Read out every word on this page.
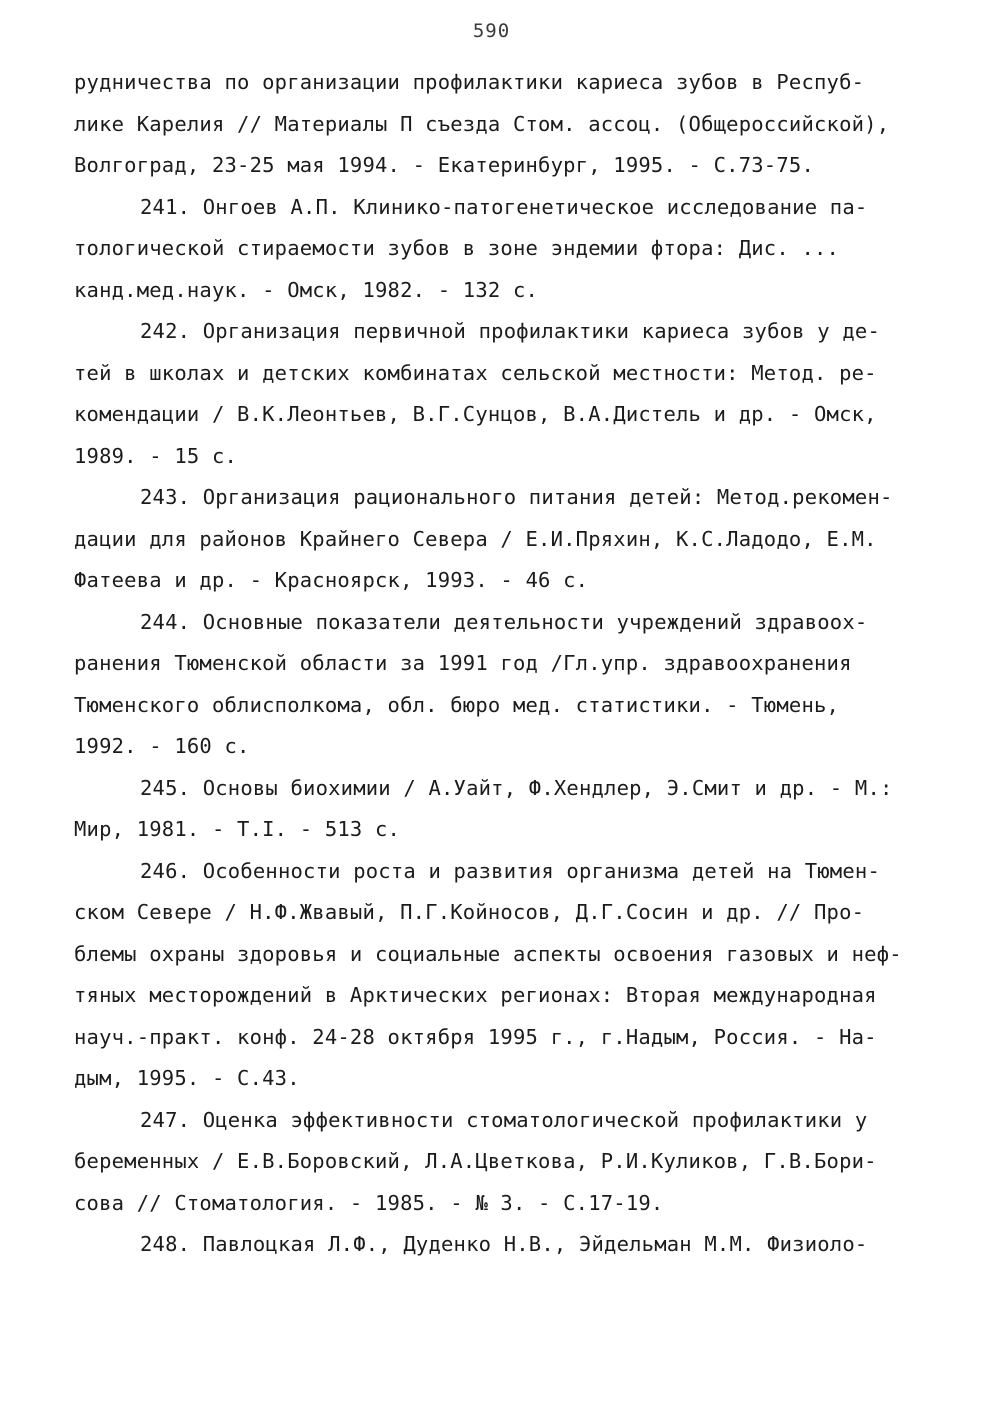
590
рудничества по организации профилактики кариеса зубов в Респуб-
лике Карелия // Материалы П съезда Стом. ассоц. (Общероссийской),
Волгоград, 23-25 мая 1994. - Екатеринбург, 1995. - С.73-75.
241. Онгоев А.П. Клинико-патогенетическое исследование па-
тологической стираемости зубов в зоне эндемии фтора: Дис. ...
канд.мед.наук. - Омск, 1982. - 132 с.
242. Организация первичной профилактики кариеса зубов у де-
тей в школах и детских комбинатах сельской местности: Метод. ре-
комендации / В.К.Леонтьев, В.Г.Сунцов, В.А.Дистель и др. - Омск,
1989. - 15 с.
243. Организация рационального питания детей: Метод.рекомен-
дации для районов Крайнего Севера / Е.И.Пряхин, К.С.Ладодо, Е.М.
Фатеева и др. - Красноярск, 1993. - 46 с.
244. Основные показатели деятельности учреждений здравоох-
ранения Тюменской области за 1991 год /Гл.упр. здравоохранения
Тюменского облисполкома, обл. бюро мед. статистики. - Тюмень,
1992. - 160 с.
245. Основы биохимии / А.Уайт, Ф.Хендлер, Э.Смит и др. - М.:
Мир, 1981. - Т.I. - 513 с.
246. Особенности роста и развития организма детей на Тюмен-
ском Севере / Н.Ф.Жвавый, П.Г.Койносов, Д.Г.Сосин и др. // Про-
блемы охраны здоровья и социальные аспекты освоения газовых и неф-
тяных месторождений в Арктических регионах: Вторая международная
науч.-практ. конф. 24-28 октября 1995 г., г.Надым, Россия. - На-
дым, 1995. - С.43.
247. Оценка эффективности стоматологической профилактики у
беременных / Е.В.Боровский, Л.А.Цветкова, Р.И.Куликов, Г.В.Бори-
сова // Стоматология. - 1985. - № 3. - С.17-19.
248. Павлоцкая Л.Ф., Дуденко Н.В., Эйдельман М.М. Физиоло-
